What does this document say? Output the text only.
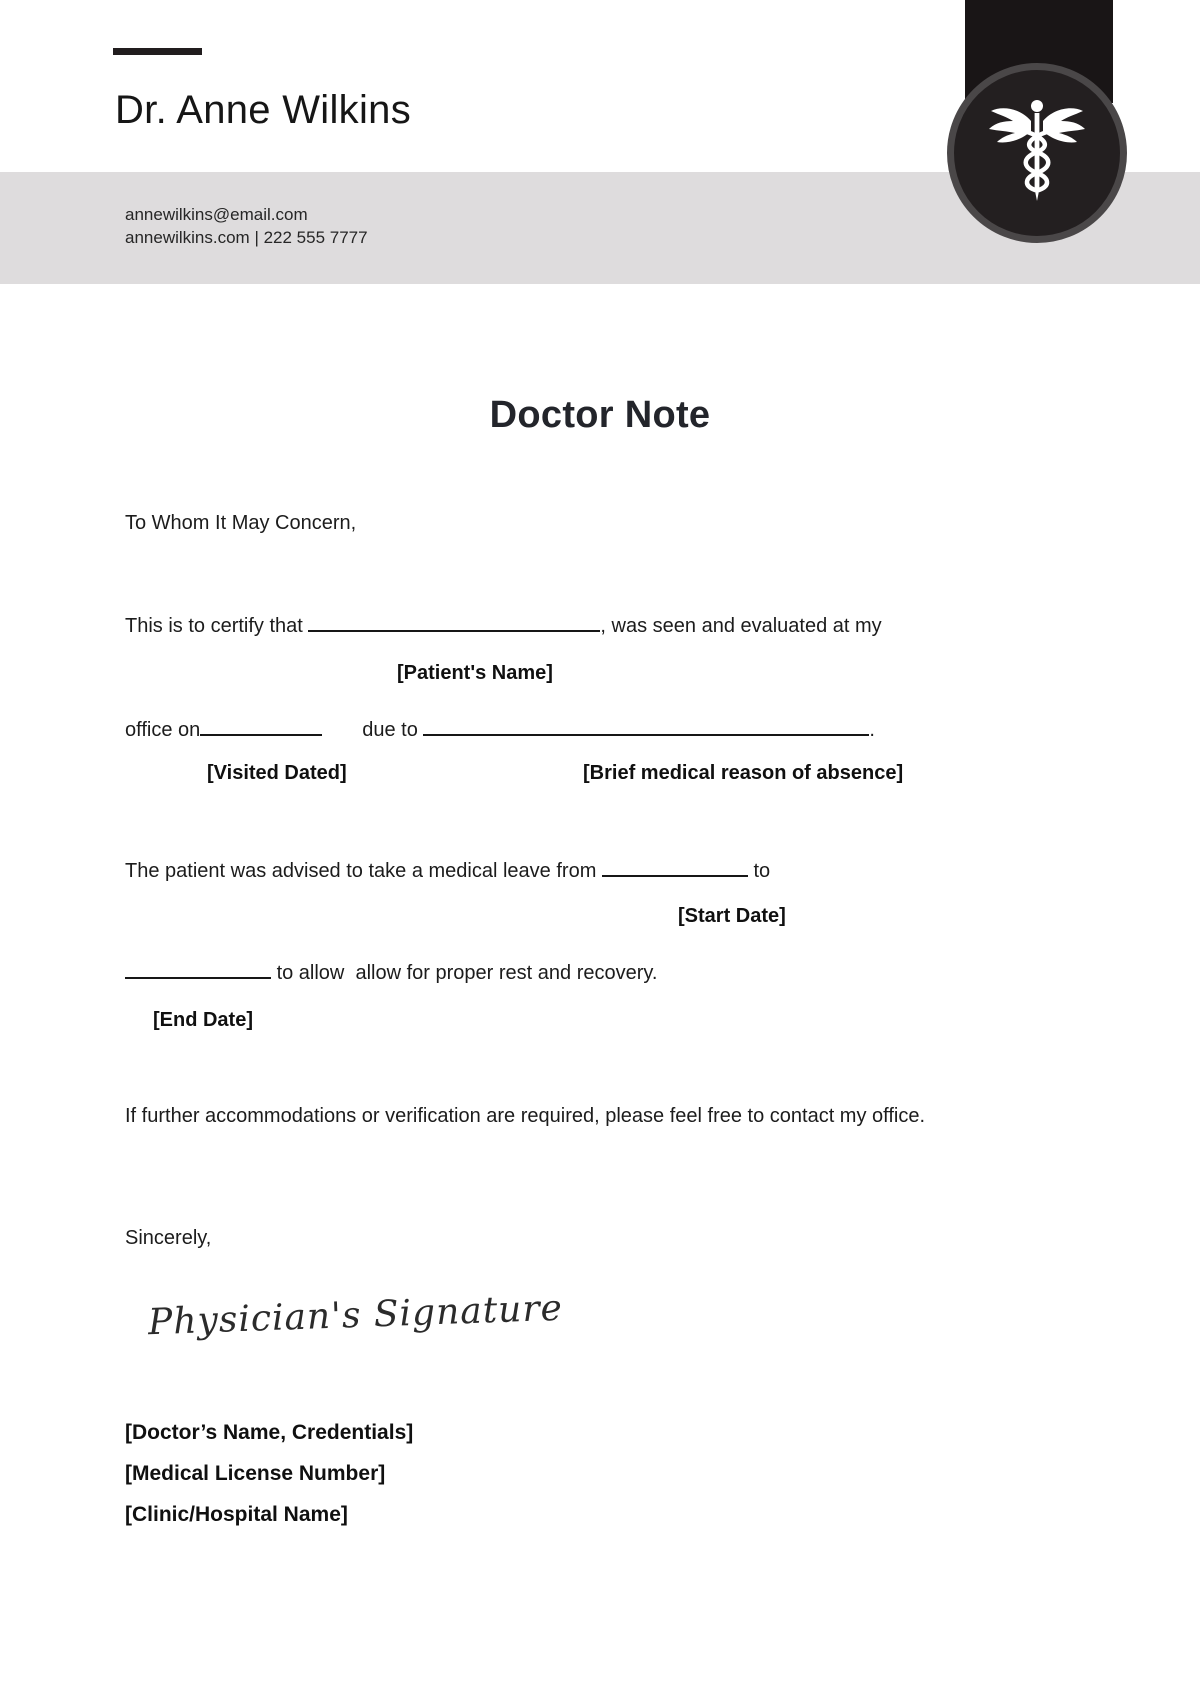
Dr. Anne Wilkins
annewilkins@email.com
annewilkins.com | 222 555 7777
Doctor Note
To Whom It May Concern,
This is to certify that	, was seen and evaluated at my
[Patient's Name]
office on	due to	.
[Visited Dated]	[Brief medical reason of absence]
The patient was advised to take a medical leave from	to
[Start Date]
to allow  allow for proper rest and recovery.
[End Date]
If further accommodations or verification are required, please feel free to contact my office.
Sincerely,
Physician's Signature
[Doctor’s Name, Credentials]
[Medical License Number]
[Clinic/Hospital Name]
